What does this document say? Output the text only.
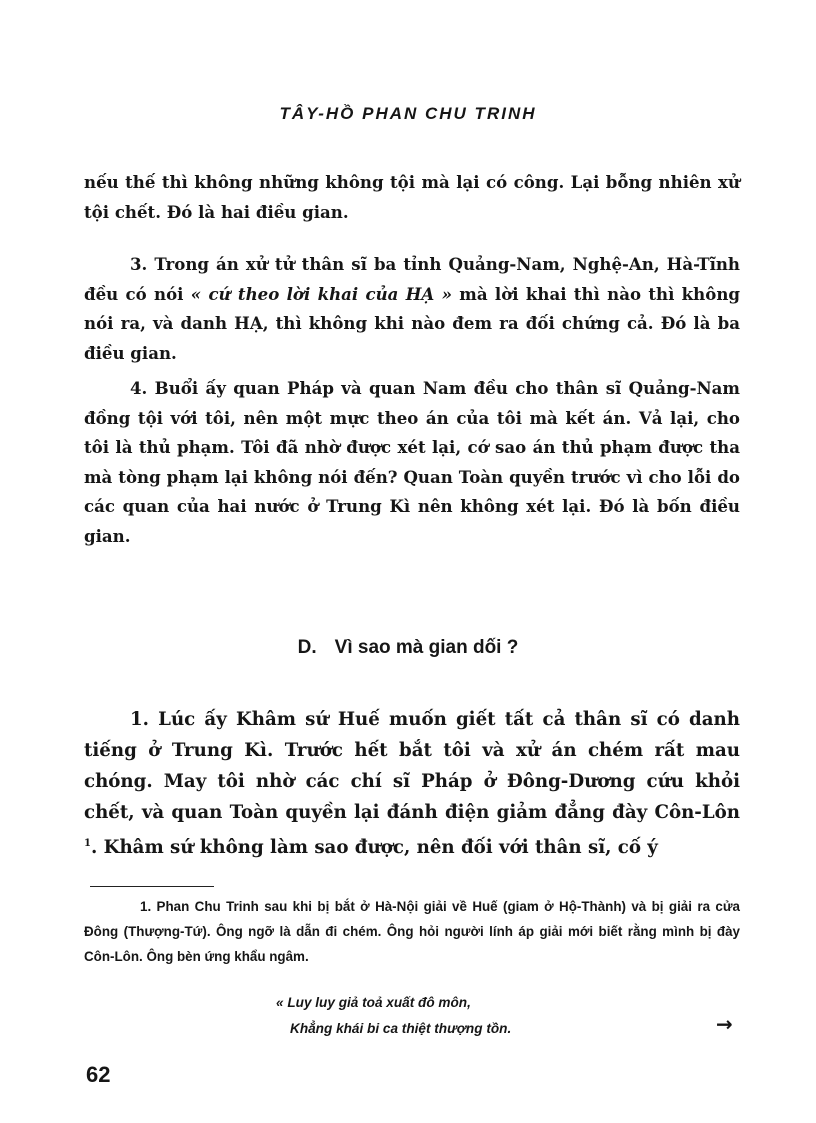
TÂY-HỒ PHAN CHU TRINH

nếu thế thì không những không tội mà lại có công. Lại bỗng nhiên xử tội chết. Đó là hai điều gian.

3. Trong án xử tử thân sĩ ba tỉnh Quảng-Nam, Nghệ-An, Hà-Tĩnh đều có nói « cứ theo lời khai của HẠ » mà lời khai thì nào thì không nói ra, và danh HẠ, thì không khi nào đem ra đối chứng cả. Đó là ba điều gian.

4. Buổi ấy quan Pháp và quan Nam đều cho thân sĩ Quảng-Nam đồng tội với tôi, nên một mực theo án của tôi mà kết án. Vả lại, cho tôi là thủ phạm. Tôi đã nhờ được xét lại, cớ sao án thủ phạm được tha mà tòng phạm lại không nói đến? Quan Toàn quyền trước vì cho lỗi do các quan của hai nước ở Trung Kì nên không xét lại. Đó là bốn điều gian.

D. Vì sao mà gian dối ?

1. Lúc ấy Khâm sứ Huế muốn giết tất cả thân sĩ có danh tiếng ở Trung Kì. Trước hết bắt tôi và xử án chém rất mau chóng. May tôi nhờ các chí sĩ Pháp ở Đông-Dương cứu khỏi chết, và quan Toàn quyền lại đánh điện giảm đẳng đày Côn-Lôn $^1$. Khâm sứ không làm sao được, nên đối với thân sĩ, cố ý

1. Phan Chu Trinh sau khi bị bắt ở Hà-Nội giải về Huế (giam ở Hộ-Thành) và bị giải ra cửa Đông (Thượng-Tứ). Ông ngỡ là dẫn đi chém. Ông hỏi người lính áp giải mới biết rằng mình bị đày Côn-Lôn. Ông bèn ứng khẩu ngâm.

« Luy luy giả toả xuất đô môn,
Khẳng khái bi ca thiệt thượng tồn.	→
62
